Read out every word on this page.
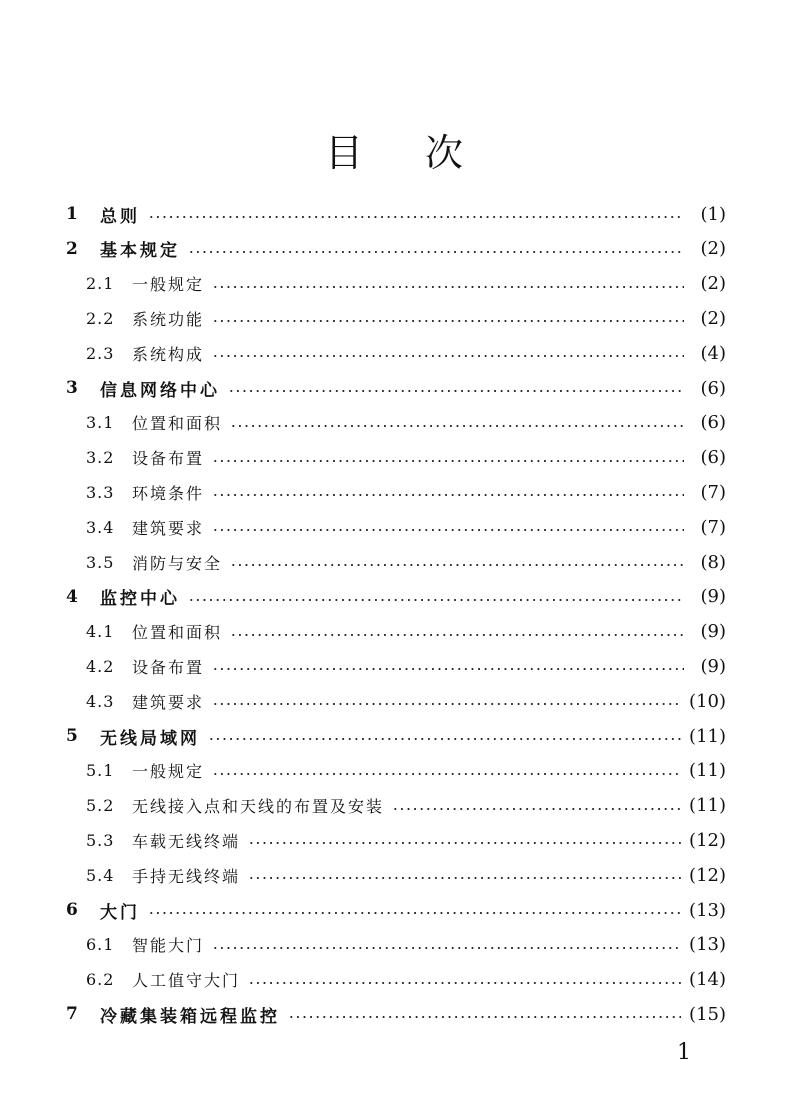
目 次
1	总则	(1)
2	基本规定	(2)
2.1	一般规定	(2)
2.2	系统功能	(2)
2.3	系统构成	(4)
3	信息网络中心	(6)
3.1	位置和面积	(6)
3.2	设备布置	(6)
3.3	环境条件	(7)
3.4	建筑要求	(7)
3.5	消防与安全	(8)
4	监控中心	(9)
4.1	位置和面积	(9)
4.2	设备布置	(9)
4.3	建筑要求	(10)
5	无线局域网	(11)
5.1	一般规定	(11)
5.2	无线接入点和天线的布置及安装	(11)
5.3	车载无线终端	(12)
5.4	手持无线终端	(12)
6	大门	(13)
6.1	智能大门	(13)
6.2	人工值守大门	(14)
7	冷藏集装箱远程监控	(15)
1
